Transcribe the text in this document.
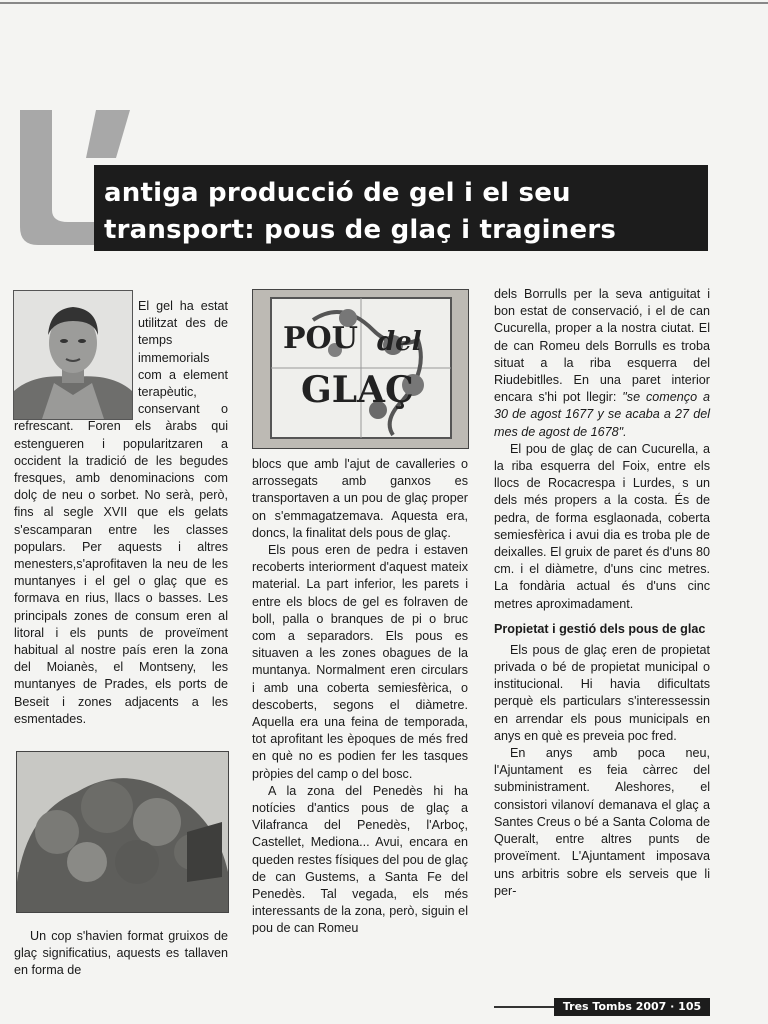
L antiga producció de gel i el seu
transport: pous de glaç i traginers
POU del
GLAÇ

El gel ha estat utilitzat des de temps immemorials com a element terapèutic, conservant o refrescant. Foren els àrabs qui estengueren i popularitzaren a occident la tradició de les begudes fresques, amb denominacions com dolç de neu o sorbet. No serà, però, fins al segle XVII que els gelats s'escamparan entre les classes populars. Per aquests i altres menesters,s'aprofitaven la neu de les muntanyes i el gel o glaç que es formava en rius, llacs o basses. Les principals zones de consum eren al litoral i els punts de proveïment habitual al nostre país eren la zona del Moianès, el Montseny, les muntanyes de Prades, els ports de Beseit i zones adjacents a les esmentades.

Un cop s'havien format gruixos de glaç significatius, aquests es tallaven en forma de

blocs que amb l'ajut de cavalleries o arrossegats amb ganxos es transportaven a un pou de glaç proper on s'emmagatzemava. Aquesta era, doncs, la finalitat dels pous de glaç.

Els pous eren de pedra i estaven recoberts interiorment d'aquest mateix material. La part inferior, les parets i entre els blocs de gel es folraven de boll, palla o branques de pi o bruc com a separadors. Els pous es situaven a les zones obagues de la muntanya. Normalment eren circulars i amb una coberta semiesfèrica, o descoberts, segons el diàmetre. Aquella era una feina de temporada, tot aprofitant les èpoques de més fred en què no es podien fer les tasques pròpies del camp o del bosc.

A la zona del Penedès hi ha notícies d'antics pous de glaç a Vilafranca del Penedès, l'Arboç, Castellet, Mediona... Avui, encara en queden restes físiques del pou de glaç de can Gustems, a Santa Fe del Penedès. Tal vegada, els més interessants de la zona, però, siguin el pou de can Romeu

dels Borrulls per la seva antiguitat i bon estat de conservació, i el de can Cucurella, proper a la nostra ciutat. El de can Romeu dels Borrulls es troba situat a la riba esquerra del Riudebitlles. En una paret interior encara s'hi pot llegir: "se començo a 30 de agost 1677 y se acaba a 27 del mes de agost de 1678".

El pou de glaç de can Cucurella, a la riba esquerra del Foix, entre els llocs de Rocacrespa i Lurdes, s un dels més propers a la costa. És de pedra, de forma esglaonada, coberta semiesfèrica i avui dia es troba ple de deixalles. El gruix de paret és d'uns 80 cm. i el diàmetre, d'uns cinc metres. La fondària actual és d'uns cinc metres aproximadament.

Propietat i gestió dels pous de glac

Els pous de glaç eren de propietat privada o bé de propietat municipal o institucional. Hi havia dificultats perquè els particulars s'interessessin en arrendar els pous municipals en anys en què es preveia poc fred.

En anys amb poca neu, l'Ajuntament es feia càrrec del subministrament. Aleshores, el consistori vilanoví demanava el glaç a Santes Creus o bé a Santa Coloma de Queralt, entre altres punts de proveïment. L'Ajuntament imposava uns arbitris sobre els serveis que li per-

Tres Tombs 2007 · 105
